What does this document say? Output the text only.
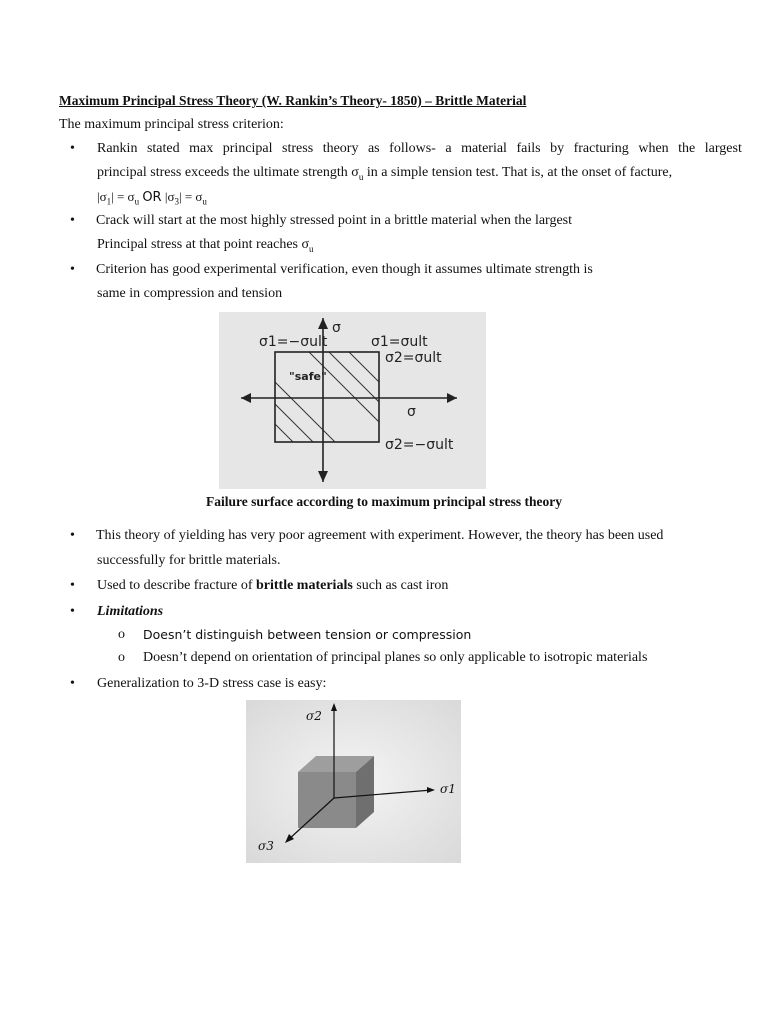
Maximum Principal Stress Theory (W. Rankin’s Theory- 1850) – Brittle Material
The maximum principal stress criterion:
• Rankin stated max principal stress theory as follows- a material fails by fracturing when the largest
principal stress exceeds the ultimate strength $\sigma_u$ in a simple tension test. That is, at the onset of facture,
$|\sigma_1| = \sigma_u$ OR $|\sigma_3| = \sigma_u$
• Crack will start at the most highly stressed point in a brittle material when the largest
Principal stress at that point reaches $\sigma_u$
• Criterion has good experimental verification, even though it assumes ultimate strength is
same in compression and tension
σ1=−σult
σ
σ1=σult
σ2=σult
"safe"
σ
σ2=−σult
Failure surface according to maximum principal stress theory
• This theory of yielding has very poor agreement with experiment. However, the theory has been used
successfully for brittle materials.
• Used to describe fracture of brittle materials such as cast iron
• Limitations
o Doesn’t distinguish between tension or compression
o Doesn’t depend on orientation of principal planes so only applicable to isotropic materials
• Generalization to 3-D stress case is easy:
σ2
σ1
σ3
